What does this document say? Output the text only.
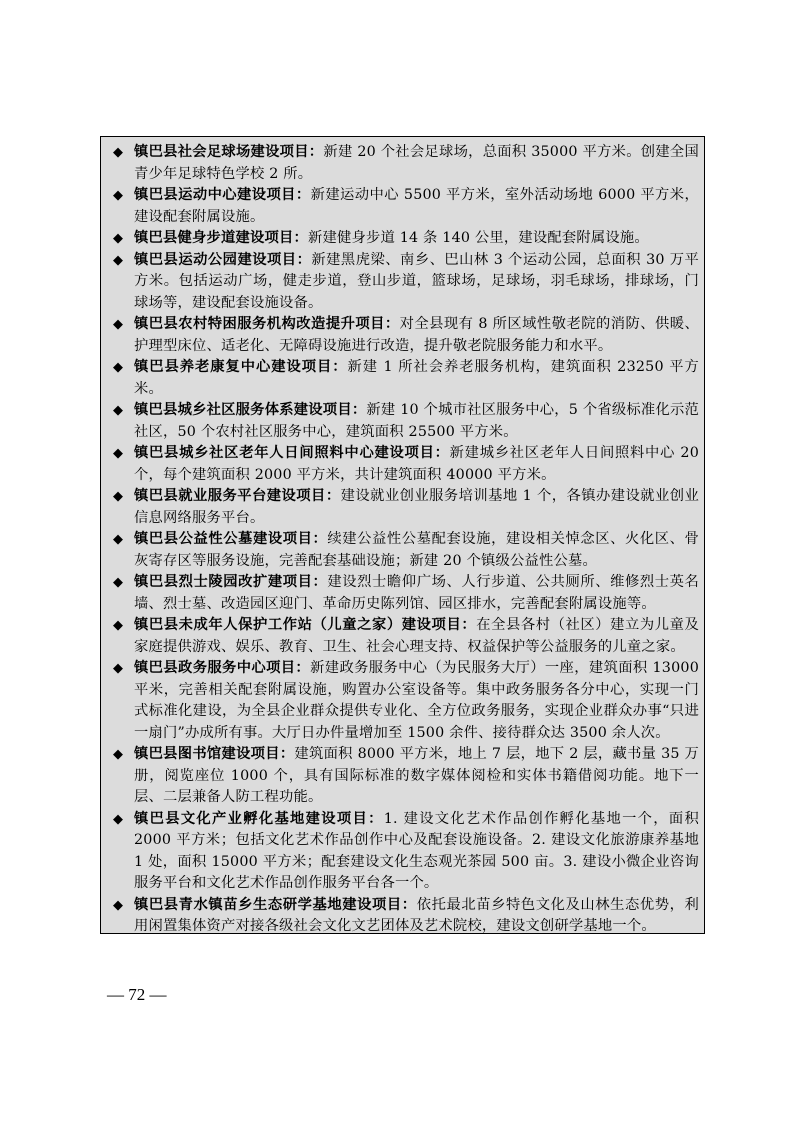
◆ 镇巴县社会足球场建设项目：新建 20 个社会足球场，总面积 35000 平方米。创建全国青少年足球特色学校 2 所。
◆ 镇巴县运动中心建设项目：新建运动中心 5500 平方米，室外活动场地 6000 平方米，建设配套附属设施。
◆ 镇巴县健身步道建设项目：新建健身步道 14 条 140 公里，建设配套附属设施。
◆ 镇巴县运动公园建设项目：新建黑虎梁、南乡、巴山林 3 个运动公园，总面积 30 万平方米。包括运动广场，健走步道，登山步道，篮球场，足球场，羽毛球场，排球场，门球场等，建设配套设施设备。
◆ 镇巴县农村特困服务机构改造提升项目：对全县现有 8 所区域性敬老院的消防、供暖、护理型床位、适老化、无障碍设施进行改造，提升敬老院服务能力和水平。
◆ 镇巴县养老康复中心建设项目：新建 1 所社会养老服务机构，建筑面积 23250 平方米。
◆ 镇巴县城乡社区服务体系建设项目：新建 10 个城市社区服务中心，5 个省级标准化示范社区，50 个农村社区服务中心，建筑面积 25500 平方米。
◆ 镇巴县城乡社区老年人日间照料中心建设项目：新建城乡社区老年人日间照料中心 20 个，每个建筑面积 2000 平方米，共计建筑面积 40000 平方米。
◆ 镇巴县就业服务平台建设项目：建设就业创业服务培训基地 1 个，各镇办建设就业创业信息网络服务平台。
◆ 镇巴县公益性公墓建设项目：续建公益性公墓配套设施，建设相关悼念区、火化区、骨灰寄存区等服务设施，完善配套基础设施；新建 20 个镇级公益性公墓。
◆ 镇巴县烈士陵园改扩建项目：建设烈士瞻仰广场、人行步道、公共厕所、维修烈士英名墙、烈士墓、改造园区迎门、革命历史陈列馆、园区排水，完善配套附属设施等。
◆ 镇巴县未成年人保护工作站（儿童之家）建设项目：在全县各村（社区）建立为儿童及家庭提供游戏、娱乐、教育、卫生、社会心理支持、权益保护等公益服务的儿童之家。
◆ 镇巴县政务服务中心项目：新建政务服务中心（为民服务大厅）一座，建筑面积 13000 平米，完善相关配套附属设施，购置办公室设备等。集中政务服务各分中心，实现一门式标准化建设，为全县企业群众提供专业化、全方位政务服务，实现企业群众办事“只进一扇门”办成所有事。大厅日办件量增加至 1500 余件、接待群众达 3500 余人次。
◆ 镇巴县图书馆建设项目：建筑面积 8000 平方米，地上 7 层，地下 2 层，藏书量 35 万册，阅览座位 1000 个，具有国际标准的数字媒体阅检和实体书籍借阅功能。地下一层、二层兼备人防工程功能。
◆ 镇巴县文化产业孵化基地建设项目：1. 建设文化艺术作品创作孵化基地一个，面积 2000 平方米；包括文化艺术作品创作中心及配套设施设备。2. 建设文化旅游康养基地 1 处，面积 15000 平方米；配套建设文化生态观光茶园 500 亩。3. 建设小微企业咨询服务平台和文化艺术作品创作服务平台各一个。
◆ 镇巴县青水镇苗乡生态研学基地建设项目：依托最北苗乡特色文化及山林生态优势，利用闲置集体资产对接各级社会文化文艺团体及艺术院校，建设文创研学基地一个。
— 72 —
